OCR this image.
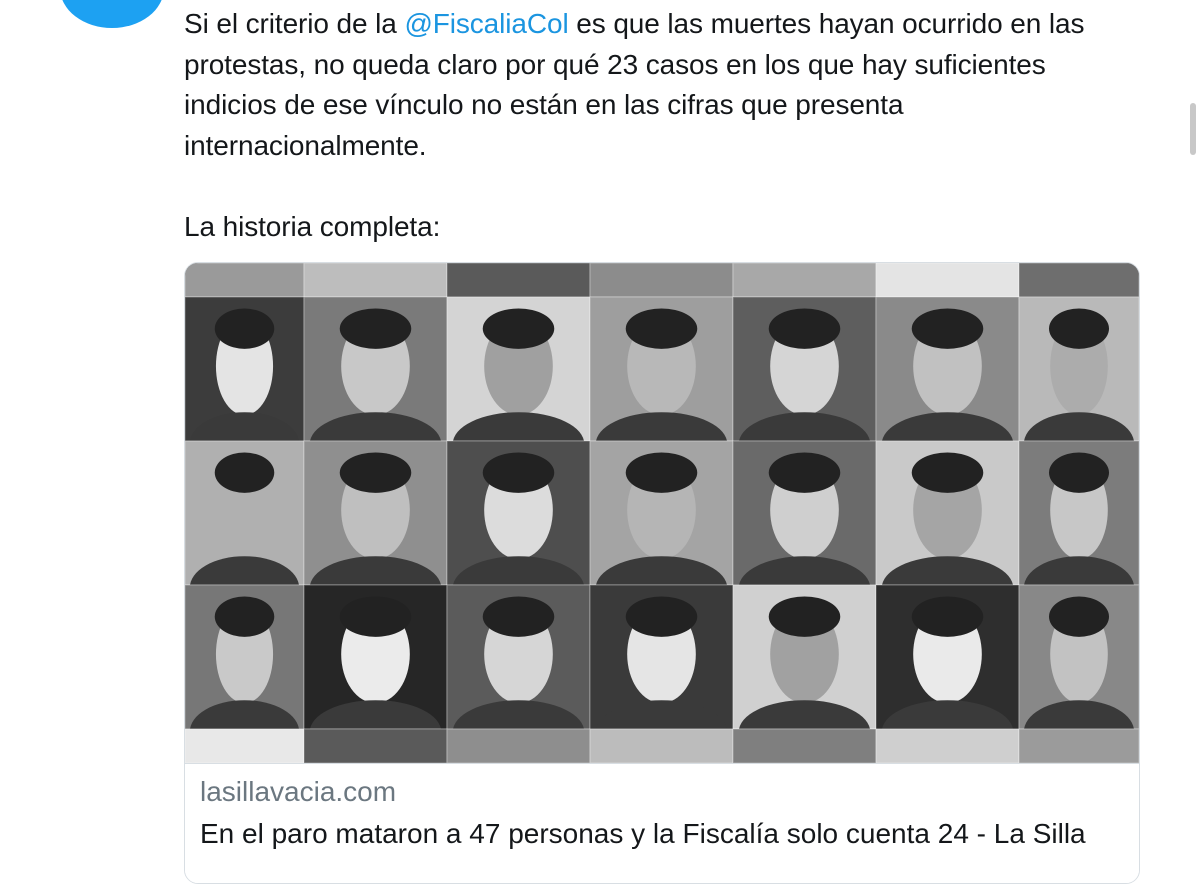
Si el criterio de la @FiscaliaCol es que las muertes hayan ocurrido en las

protestas, no queda claro por qué 23 casos en los que hay suficientes

indicios de ese vínculo no están en las cifras que presenta

internacionalmente.

La historia completa:

lasillavacia.com
En el paro mataron a 47 personas y la Fiscalía solo cuenta 24 - La Silla
